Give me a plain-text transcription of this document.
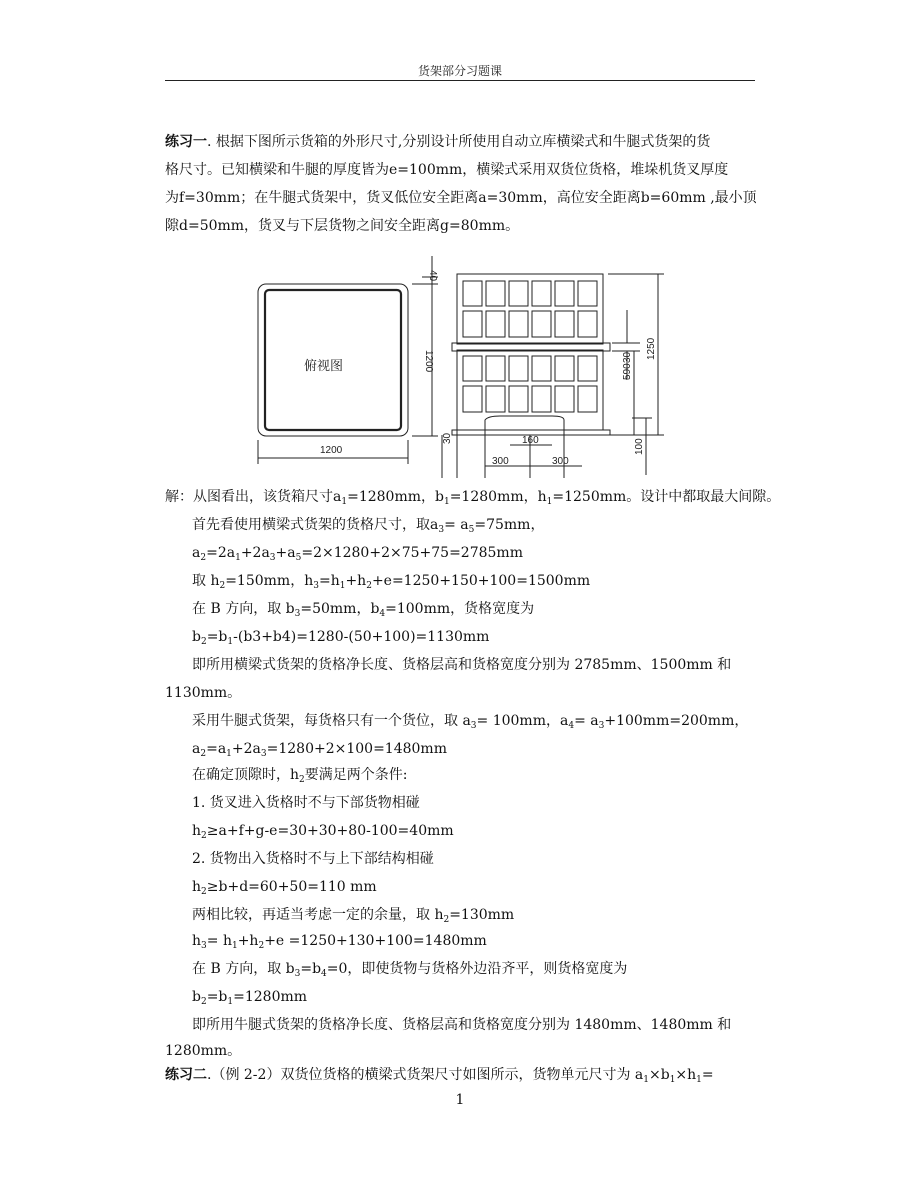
货架部分习题课
练习一. 根据下图所示货箱的外形尺寸,分别设计所使用自动立库横梁式和牛腿式货架的货
格尺寸。已知横梁和牛腿的厚度皆为e=100mm，横梁式采用双货位货格，堆垛机货叉厚度
为f=30mm；在牛腿式货架中，货叉低位安全距离a=30mm，高位安全距离b=60mm ,最小顶
隙d=50mm，货叉与下层货物之间安全距离g=80mm。
俯视图
40
1200
1200
30
1250
590
30
160
300	300
100
解：从图看出，该货箱尺寸$a_1=1280mm$，$b_1=1280mm$，$h_1=1250mm$。设计中都取最大间隙。
首先看使用横梁式货架的货格尺寸，取$a_3= a_5=75mm$，
$a_2=2a_1+2a_3+a_5=2\times 1280+2\times 75+75=2785mm$
取 $h_2=150mm$，$h_3=h_1+h_2+e=1250+150+100=1500mm$
在 B 方向，取 $b_3=50mm$，$b_4=100mm$，货格宽度为
$b_2=b_1-(b3+b4)=1280-(50+100)=1130mm$
即所用横梁式货架的货格净长度、货格层高和货格宽度分别为 2785mm、1500mm 和
1130mm。
采用牛腿式货架，每货格只有一个货位，取 $a_3= 100mm$，$a_4= a_3+100mm=200mm$，
$a_2=a_1+2a_3=1280+2\times 100=1480mm$
在确定顶隙时，$h_2$要满足两个条件:
1. 货叉进入货格时不与下部货物相碰
$h_2\ge a+f+g-e=30+30+80-100=40mm$
2. 货物出入货格时不与上下部结构相碰
$h_2\ge b+d=60+50=110$ mm
两相比较，再适当考虑一定的余量，取 $h_2=130mm$
$h_3= h_1+h_2+e =1250+130+100=1480mm$
在 B 方向，取 $b_3=b_4=0$，即使货物与货格外边沿齐平，则货格宽度为
$b_2=b_1=1280mm$
即所用牛腿式货架的货格净长度、货格层高和货格宽度分别为 1480mm、1480mm 和
1280mm。
练习二.（例 2-2）双货位货格的横梁式货架尺寸如图所示，货物单元尺寸为 $a_1\times b_1\times h_1=$
1
